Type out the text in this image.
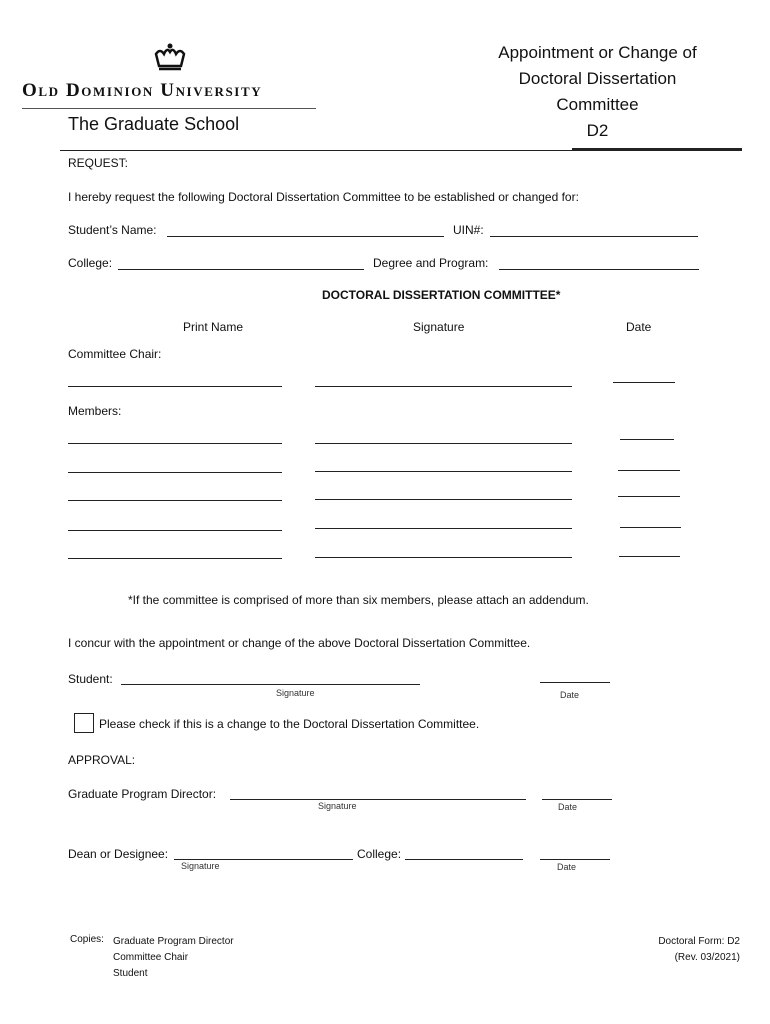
Old Dominion University
The Graduate School
Appointment or Change of
Doctoral Dissertation
Committee
D2
REQUEST:
I hereby request the following Doctoral Dissertation Committee to be established or changed for:
Student’s Name:	UIN#:
College:	Degree and Program:
DOCTORAL DISSERTATION COMMITTEE*
Print Name	Signature	Date
Committee Chair:
Members:
*If the committee is comprised of more than six members, please attach an addendum.
I concur with the appointment or change of the above Doctoral Dissertation Committee.
Student:
Signature	Date
Please check if this is a change to the Doctoral Dissertation Committee.
APPROVAL:
Graduate Program Director:
Signature	Date
Dean or Designee:
Signature
College:
Date
Copies: Graduate Program Director
Committee Chair
Student
Doctoral Form: D2
(Rev. 03/2021)
